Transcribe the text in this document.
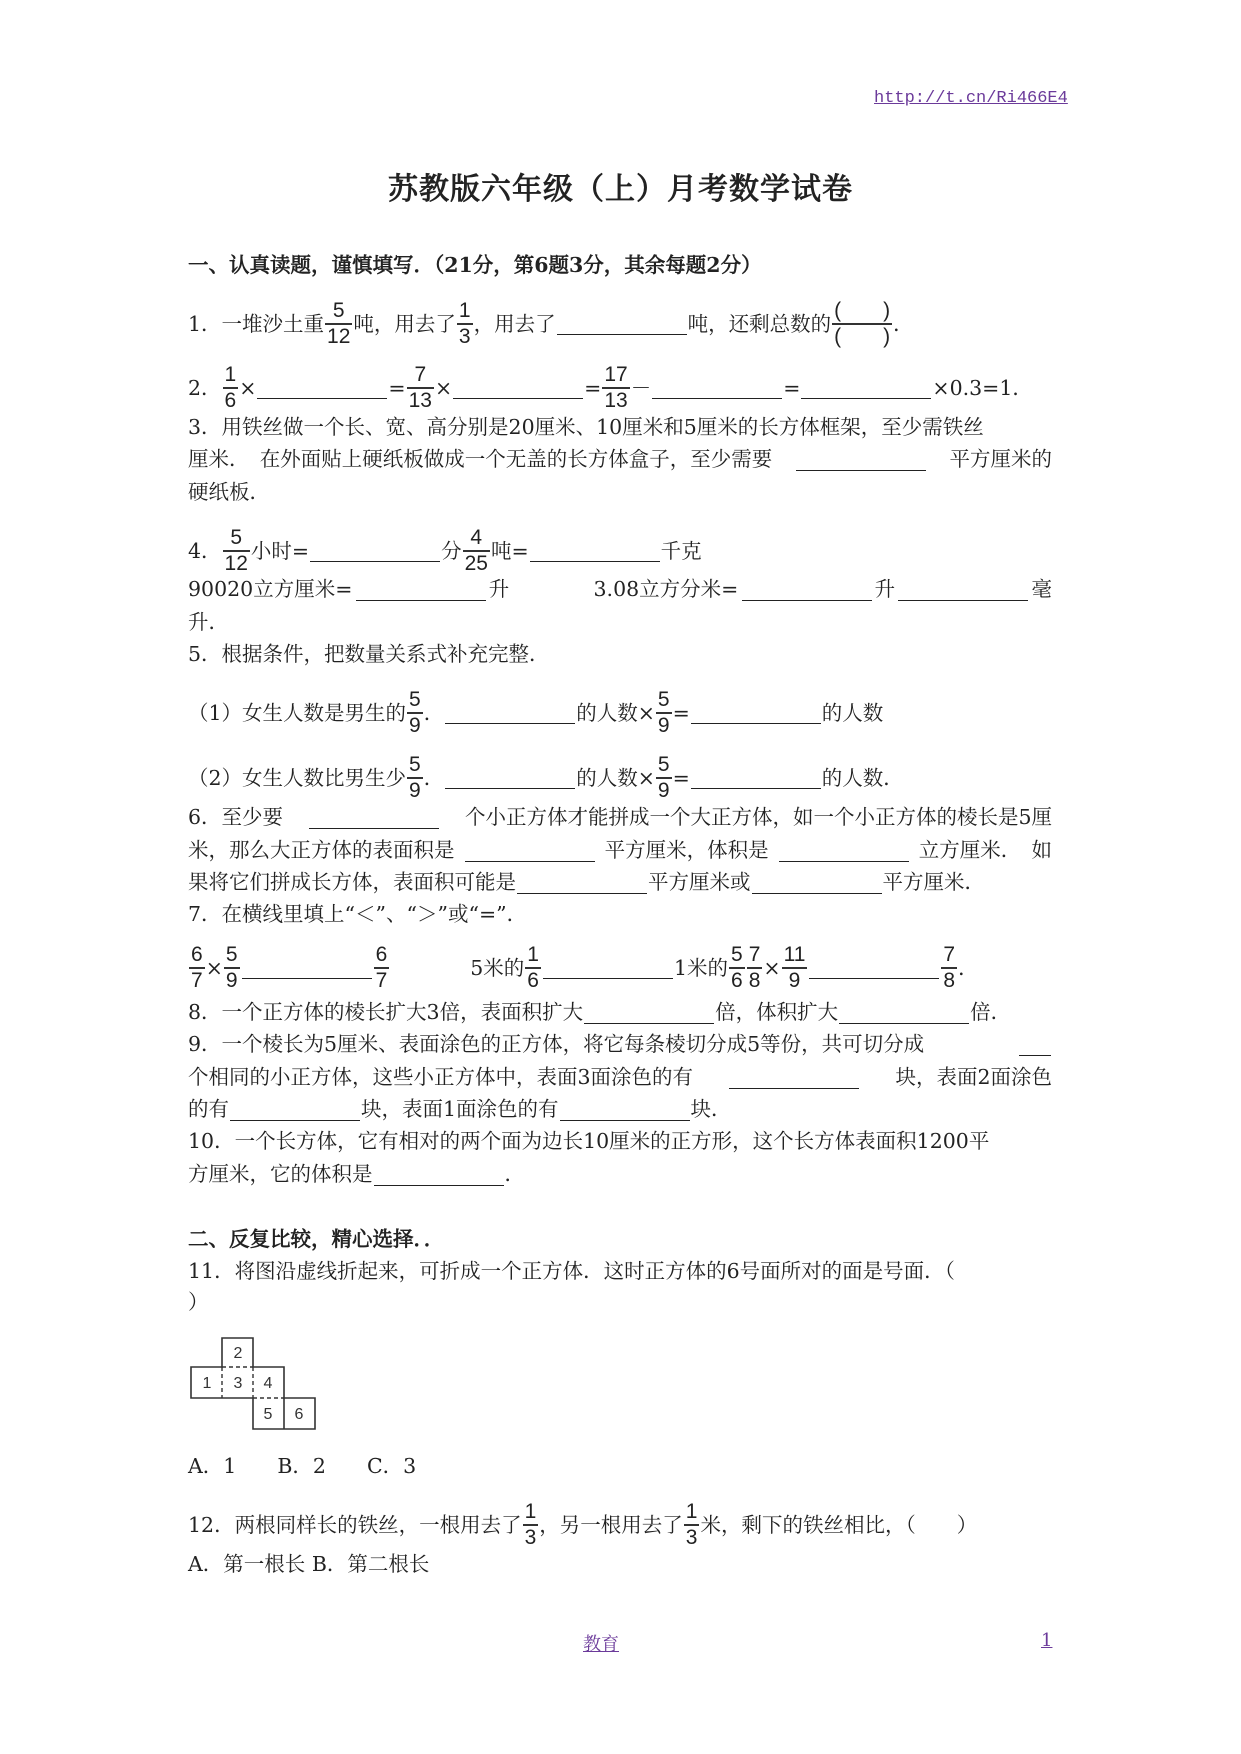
http://t.cn/Ri466E4
苏教版六年级（上）月考数学试卷
一、认真读题，谨慎填写．（21分，第6题3分，其余每题2分）
1．一堆沙土重 $\frac{5}{12}$ 吨，用去了 $\frac{1}{3}$ ，用去了	吨，还剩总数的 $\frac{( )}{( )}$ ．
2． $\frac{1}{6}$ ×	= $\frac{7}{13}$ ×	= $\frac{17}{13}$ －	=	×0.3=1．
3．用铁丝做一个长、宽、高分别是20厘米、10厘米和5厘米的长方体框架，至少需铁丝
厘米．　在外面贴上硬纸板做成一个无盖的长方体盒子，至少需要	平方厘米的
硬纸板．
4． $\frac{5}{12}$ 小时=	分 $\frac{4}{25}$ 吨=	千克
90020立方厘米=	升	3.08立方分米=	升	毫
升．
5．根据条件，把数量关系式补充完整．
（1）女生人数是男生的 $\frac{5}{9}$ ．	的人数× $\frac{5}{9}$ =	的人数
（2）女生人数比男生少 $\frac{5}{9}$ ．	的人数× $\frac{5}{9}$ =	的人数．
6．至少要	个小正方体才能拼成一个大正方体，如一个小正方体的棱长是5厘
米，那么大正方体的表面积是	平方厘米，体积是	立方厘米．　如
果将它们拼成长方体，表面积可能是	平方厘米或	平方厘米．
7．在横线里填上“＜”、“＞”或“=”．
$\frac{6}{7} \times \frac{5}{9}$	$\frac{6}{7}$	5米的 $\frac{1}{6}$	1米的 $\frac{5}{6} \frac{7}{8} \times \frac{11}{9}$	$\frac{7}{8}$ ．
8．一个正方体的棱长扩大3倍，表面积扩大	倍，体积扩大	倍．
9．一个棱长为5厘米、表面涂色的正方体，将它每条棱切分成5等份，共可切分成
个相同的小正方体，这些小正方体中，表面3面涂色的有	块，表面2面涂色
的有	块，表面1面涂色的有	块．
10．一个长方体，它有相对的两个面为边长10厘米的正方形，这个长方体表面积1200平
方厘米，它的体积是	．
二、反复比较，精心选择．．
11．将图沿虚线折起来，可折成一个正方体．这时正方体的6号面所对的面是号面．（
）
A．1　　B．2　　C．3
12．两根同样长的铁丝，一根用去了 $\frac{1}{3}$ ，另一根用去了 $\frac{1}{3}$ 米，剩下的铁丝相比，（　　）
A．第一根长 B．第二根长
1
2
3 4
5 6
教育	1
